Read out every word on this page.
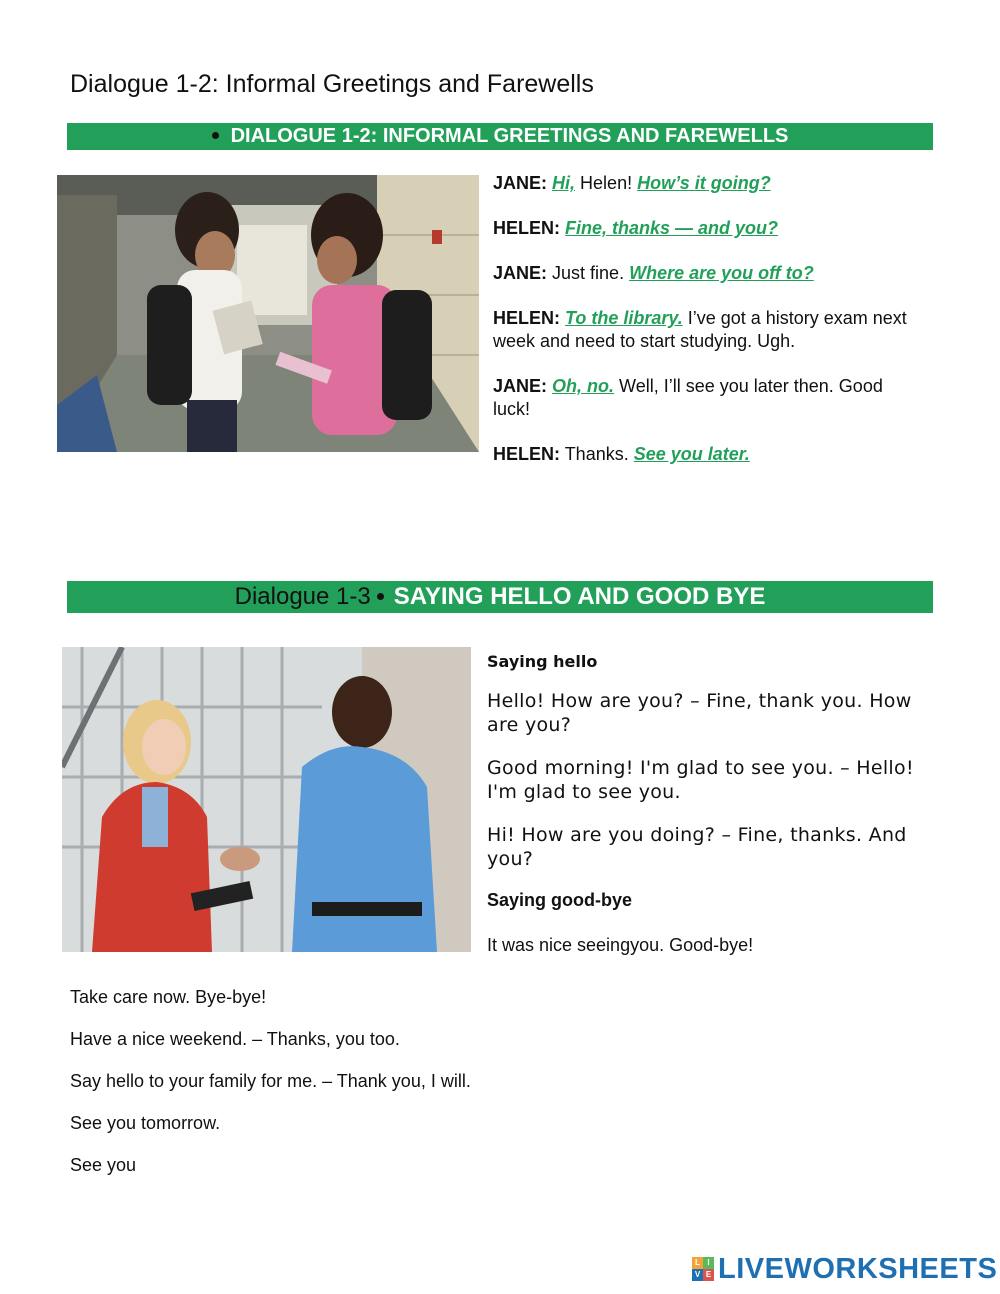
Dialogue 1-2: Informal Greetings and Farewells
DIALOGUE 1-2: INFORMAL GREETINGS AND FAREWELLS

JANE: Hi, Helen! How’s it going?

HELEN: Fine, thanks — and you?

JANE: Just fine. Where are you off to?

HELEN: To the library. I’ve got a history exam next week and need to start studying. Ugh.

JANE: Oh, no. Well, I’ll see you later then. Good luck!

HELEN: Thanks. See you later.

Dialogue 1-3 SAYING HELLO AND GOOD BYE
Saying hello
Hello! How are you? – Fine, thank you. How are you?
Good morning! I'm glad to see you. – Hello! I'm glad to see you.
Hi! How are you doing? – Fine, thanks. And you?
Saying good-bye
It was nice seeingyou. Good-bye!
Take care now. Bye-bye!
Have a nice weekend. – Thanks, you too.
Say hello to your family for me. – Thank you, I will.
See you tomorrow.
See you
L I
V E LIVEWORKSHEETS
